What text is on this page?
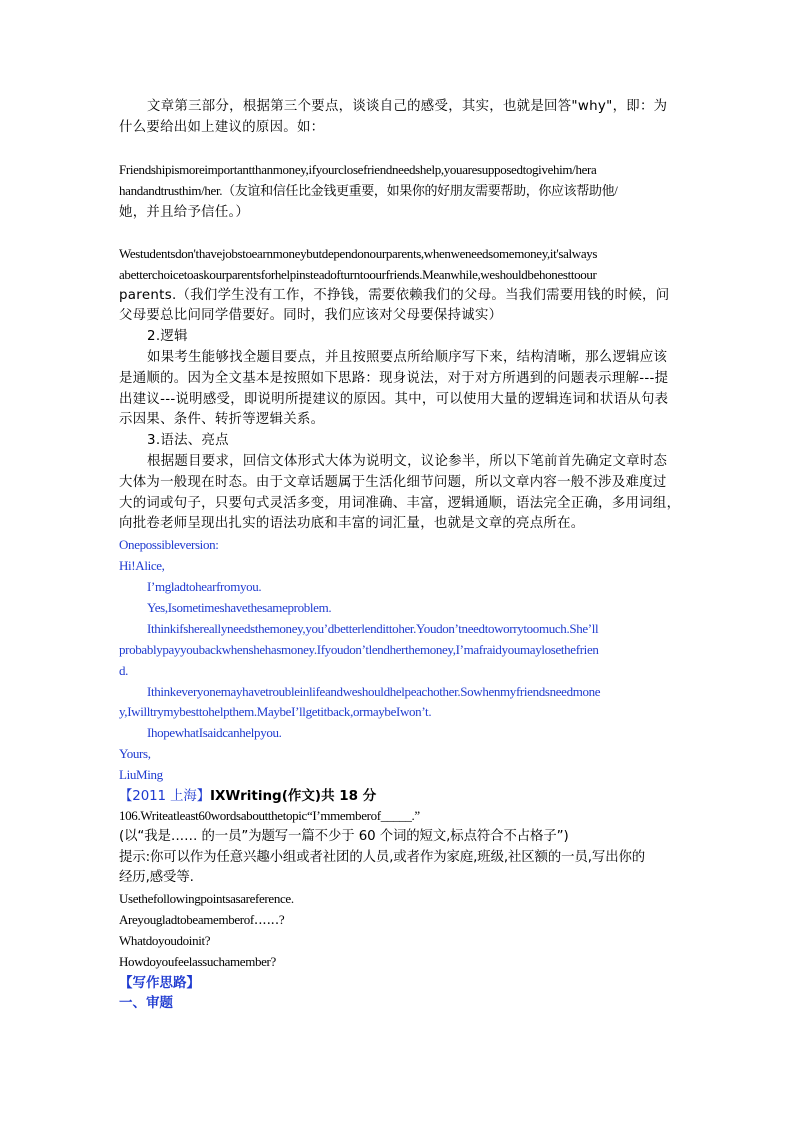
文章第三部分，根据第三个要点，谈谈自己的感受，其实，也就是回答"why"，即：为
什么要给出如上建议的原因。如：
Friendshipismoreimportantthanmoney,ifyourclosefriendneedshelp,youaresupposedtogivehim/hera
handandtrusthim/her.（友谊和信任比金钱更重要，如果你的好朋友需要帮助，你应该帮助他/
她，并且给予信任。）
Westudentsdon'thavejobstoearnmoneybutdependonourparents,whenweneedsomemoney,it'salways
abetterchoicetoaskourparentsforhelpinsteadofturntoourfriends.Meanwhile,weshouldbehonesttoour
parents.（我们学生没有工作，不挣钱，需要依赖我们的父母。当我们需要用钱的时候，问
父母要总比问同学借要好。同时，我们应该对父母要保持诚实）
2.逻辑
如果考生能够找全题目要点，并且按照要点所给顺序写下来，结构清晰，那么逻辑应该
是通顺的。因为全文基本是按照如下思路：现身说法，对于对方所遇到的问题表示理解---提
出建议---说明感受，即说明所提建议的原因。其中，可以使用大量的逻辑连词和状语从句表
示因果、条件、转折等逻辑关系。
3.语法、亮点
根据题目要求，回信文体形式大体为说明文，议论参半，所以下笔前首先确定文章时态
大体为一般现在时态。由于文章话题属于生活化细节问题，所以文章内容一般不涉及难度过
大的词或句子，只要句式灵活多变，用词准确、丰富，逻辑通顺，语法完全正确，多用词组，
向批卷老师呈现出扎实的语法功底和丰富的词汇量，也就是文章的亮点所在。
Onepossibleversion:
Hi!Alice,
I’mgladtohearfromyou.
Yes,Isometimeshavethesameproblem.
Ithinkifshereallyneedsthemoney,you’dbetterlendittoher.Youdon’tneedtoworrytoomuch.She’ll
probablypayyoubackwhenshehasmoney.Ifyoudon’tlendherthemoney,I’mafraidyoumaylosethefrien
d.
Ithinkeveryonemayhavetroubleinlifeandweshouldhelpeachother.Sowhenmyfriendsneedmone
y,Iwilltrymybesttohelpthem.MaybeI’llgetitback,ormaybeIwon’t.
IhopewhatIsaidcanhelpyou.
Yours,
LiuMing
【2011 上海】IXWriting(作文)共 18 分
106.Writeatleast60wordsaboutthetopic“I’mmemberof_____.”
(以“我是‥‥‥ 的一员”为题写一篇不少于 60 个词的短文,标点符合不占格子”)
提示:你可以作为任意兴趣小组或者社团的人员,或者作为家庭,班级,社区额的一员,写出你的
经历,感受等.
Usethefollowingpointsasareference.
Areyougladtobeamemberof‥‥‥?
Whatdoyoudoinit?
Howdoyoufeelassuchamember?
【写作思路】
一、审题
